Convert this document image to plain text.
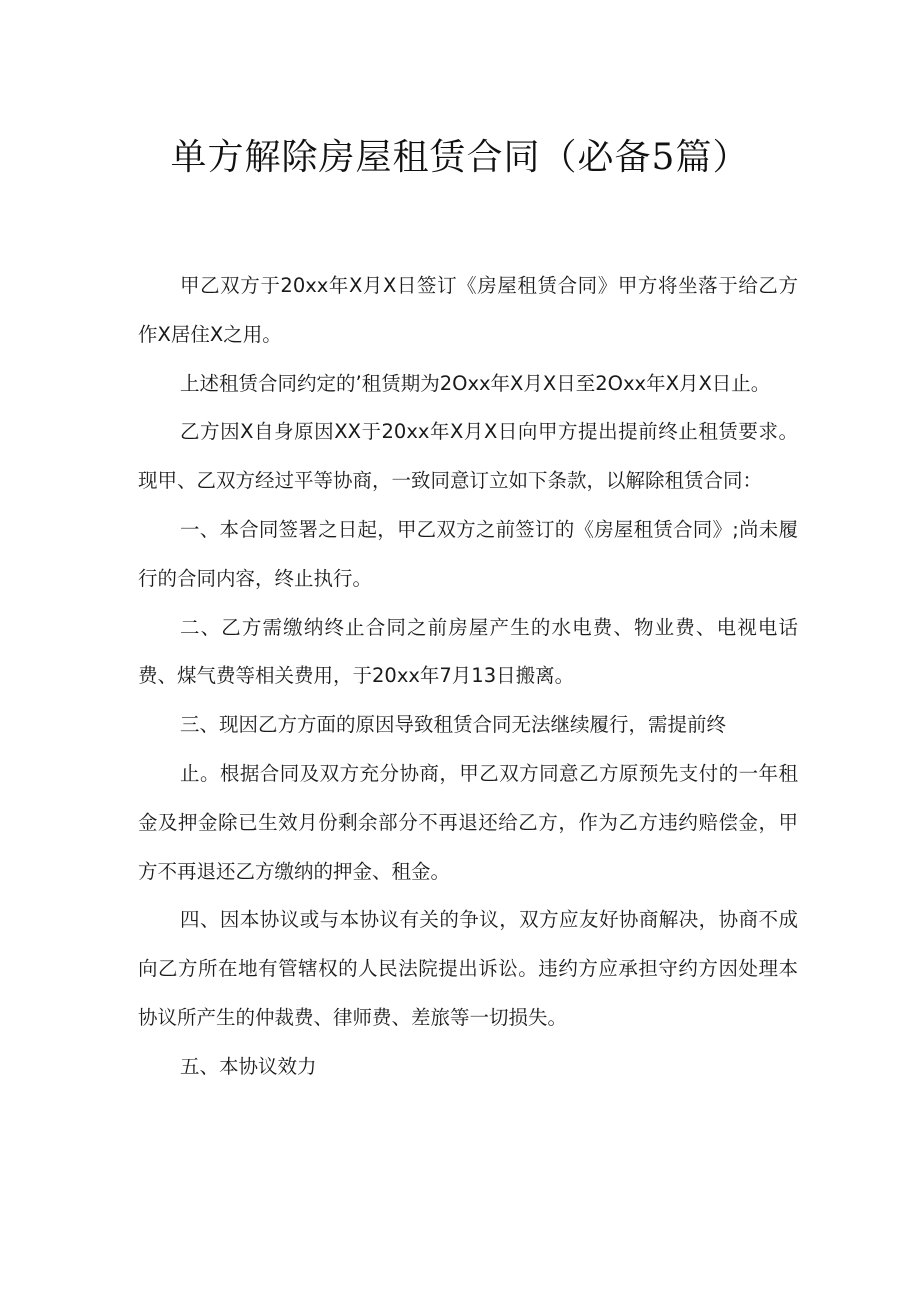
单方解除房屋租赁合同（必备5篇）

甲乙双方于20xx年X月X日签订《房屋租赁合同》甲方将坐落于给乙方作X居住X之用。

上述租赁合同约定的’租赁期为2Oxx年X月X日至2Oxx年X月X日止。

乙方因X自身原因XX于20xx年X月X日向甲方提出提前终止租赁要求。现甲、乙双方经过平等协商，一致同意订立如下条款，以解除租赁合同：

一、本合同签署之日起，甲乙双方之前签订的《房屋租赁合同》;尚未履行的合同内容，终止执行。

二、乙方需缴纳终止合同之前房屋产生的水电费、物业费、电视电话费、煤气费等相关费用，于20xx年7月13日搬离。

三、现因乙方方面的原因导致租赁合同无法继续履行，需提前终

止。根据合同及双方充分协商，甲乙双方同意乙方原预先支付的一年租金及押金除已生效月份剩余部分不再退还给乙方，作为乙方违约赔偿金，甲方不再退还乙方缴纳的押金、租金。

四、因本协议或与本协议有关的争议，双方应友好协商解决，协商不成向乙方所在地有管辖权的人民法院提出诉讼。违约方应承担守约方因处理本协议所产生的仲裁费、律师费、差旅等一切损失。

五、本协议效力
